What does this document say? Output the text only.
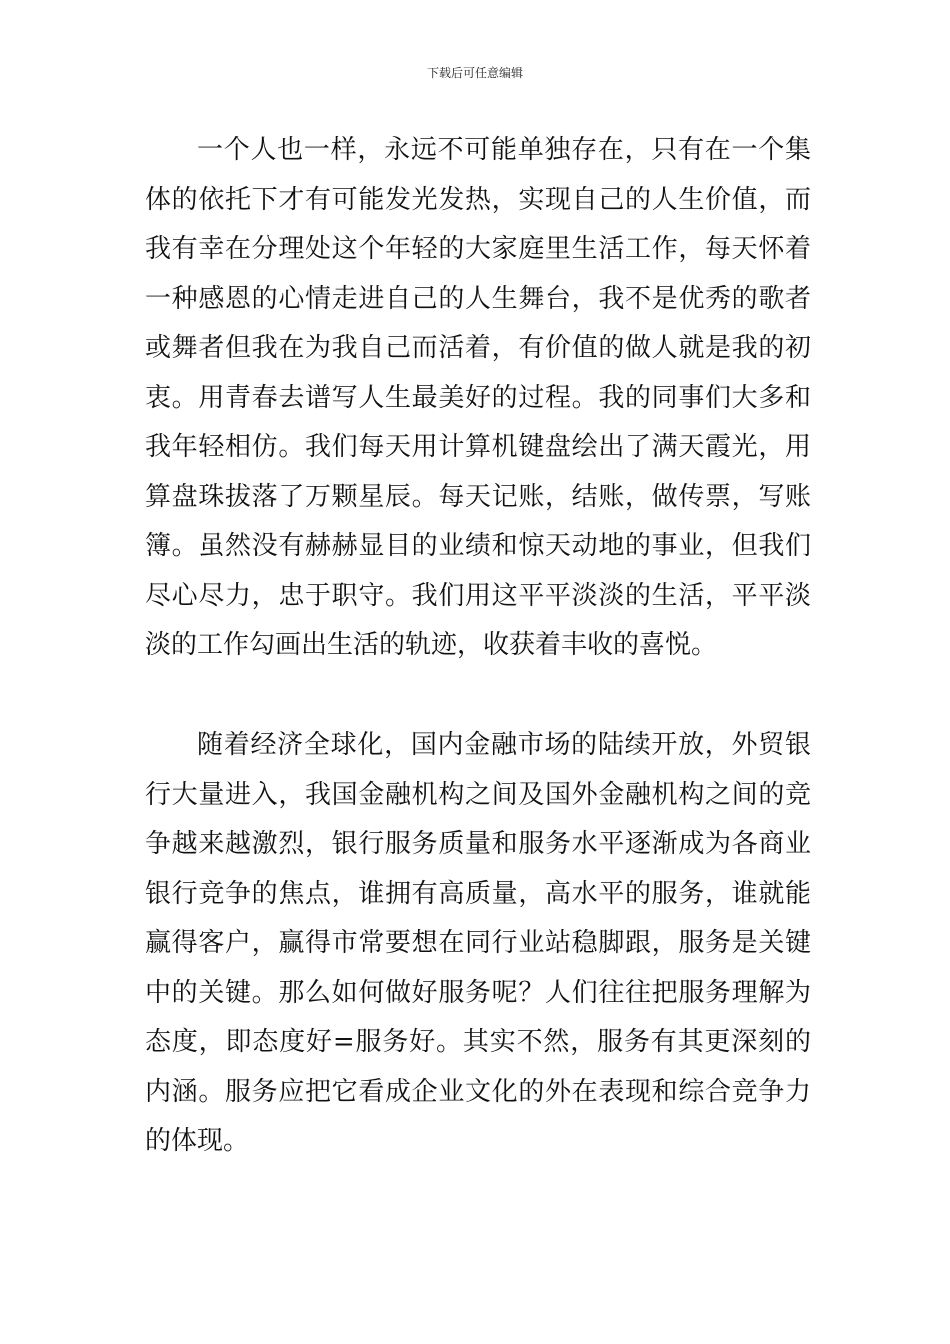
下载后可任意编辑

一个人也一样，永远不可能单独存在，只有在一个集体的依托下才有可能发光发热，实现自己的人生价值，而我有幸在分理处这个年轻的大家庭里生活工作，每天怀着一种感恩的心情走进自己的人生舞台，我不是优秀的歌者或舞者但我在为我自己而活着，有价值的做人就是我的初衷。用青春去谱写人生最美好的过程。我的同事们大多和我年轻相仿。我们每天用计算机键盘绘出了满天霞光，用算盘珠拔落了万颗星辰。每天记账，结账，做传票，写账簿。虽然没有赫赫显目的业绩和惊天动地的事业，但我们尽心尽力，忠于职守。我们用这平平淡淡的生活，平平淡淡的工作勾画出生活的轨迹，收获着丰收的喜悦。

随着经济全球化，国内金融市场的陆续开放，外贸银行大量进入，我国金融机构之间及国外金融机构之间的竞争越来越激烈，银行服务质量和服务水平逐渐成为各商业银行竞争的焦点，谁拥有高质量，高水平的服务，谁就能赢得客户，赢得市常要想在同行业站稳脚跟，服务是关键中的关键。那么如何做好服务呢？人们往往把服务理解为态度，即态度好=服务好。其实不然，服务有其更深刻的内涵。服务应把它看成企业文化的外在表现和综合竞争力的体现。
